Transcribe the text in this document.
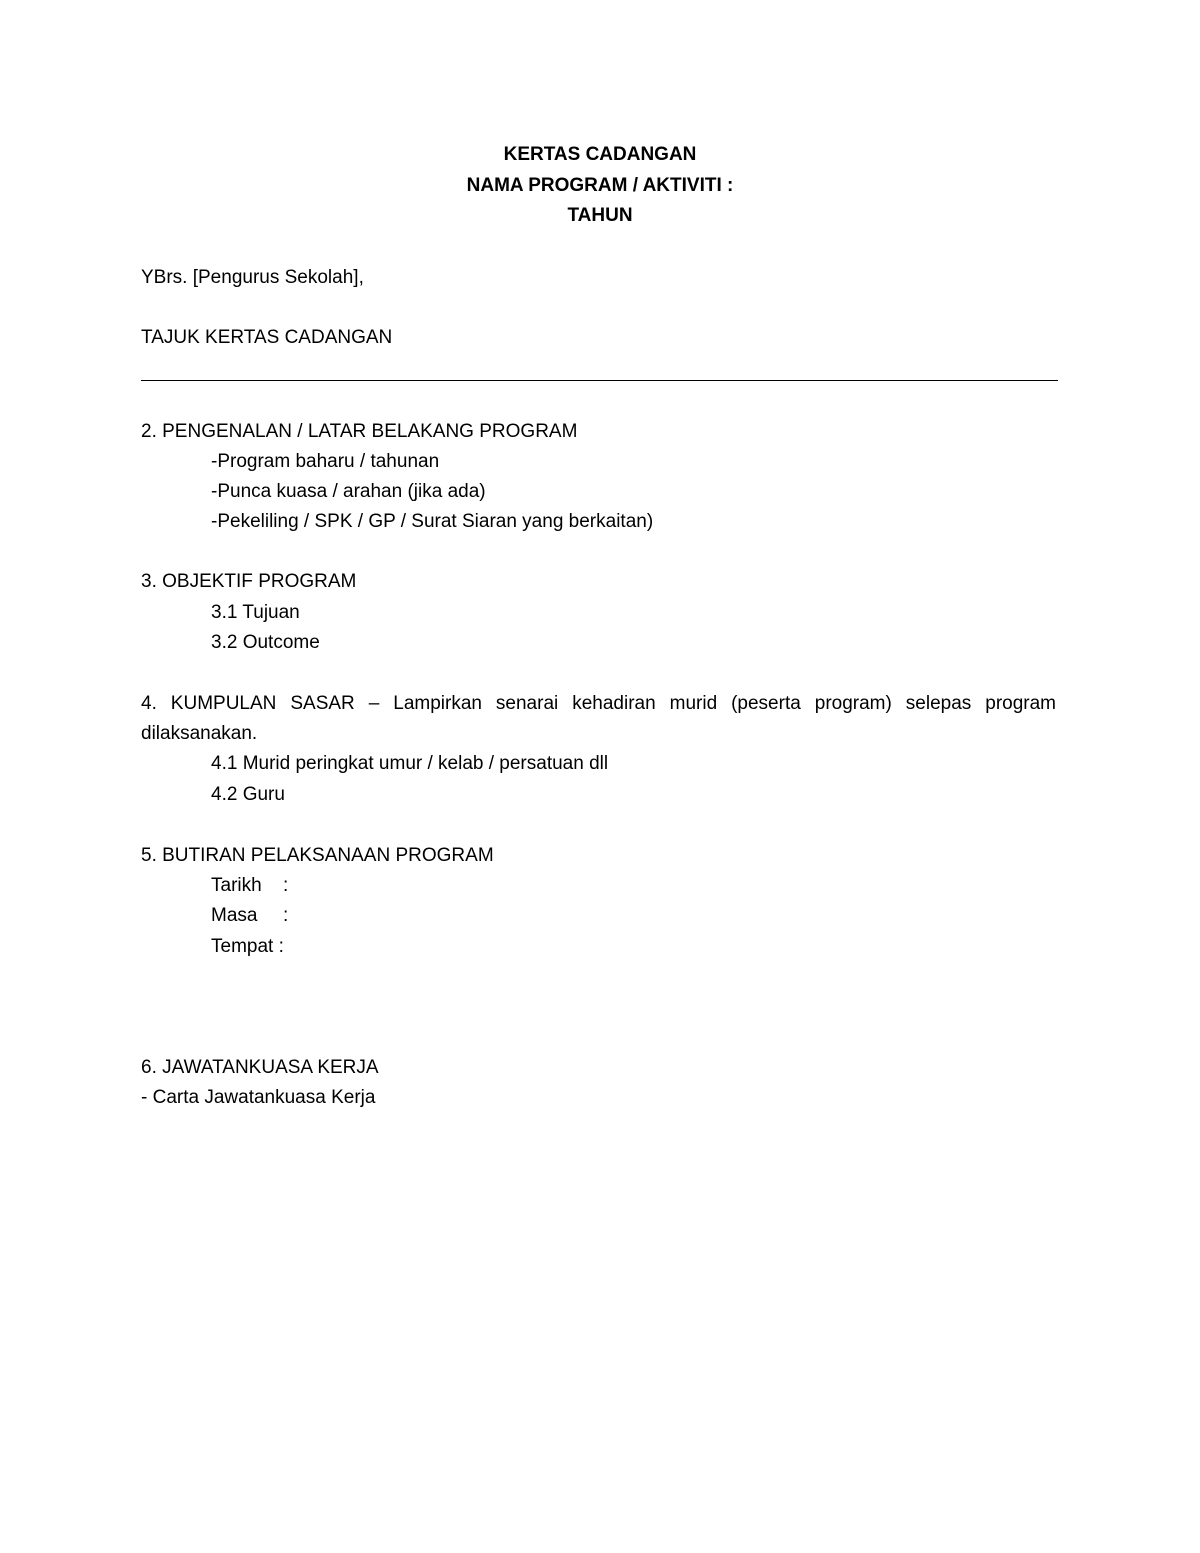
KERTAS CADANGAN
NAMA PROGRAM / AKTIVITI :
TAHUN
YBrs. [Pengurus Sekolah],
TAJUK KERTAS CADANGAN
2. PENGENALAN / LATAR BELAKANG PROGRAM
-Program baharu / tahunan
-Punca kuasa / arahan (jika ada)
-Pekeliling / SPK / GP / Surat Siaran yang berkaitan)
3. OBJEKTIF PROGRAM
3.1 Tujuan
3.2 Outcome
4. KUMPULAN SASAR – Lampirkan senarai kehadiran murid (peserta program) selepas program
dilaksanakan.
4.1 Murid peringkat umur / kelab / persatuan dll
4.2 Guru
5. BUTIRAN PELAKSANAAN PROGRAM
Tarikh :
Masa :
Tempat :
6. JAWATANKUASA KERJA
- Carta Jawatankuasa Kerja
